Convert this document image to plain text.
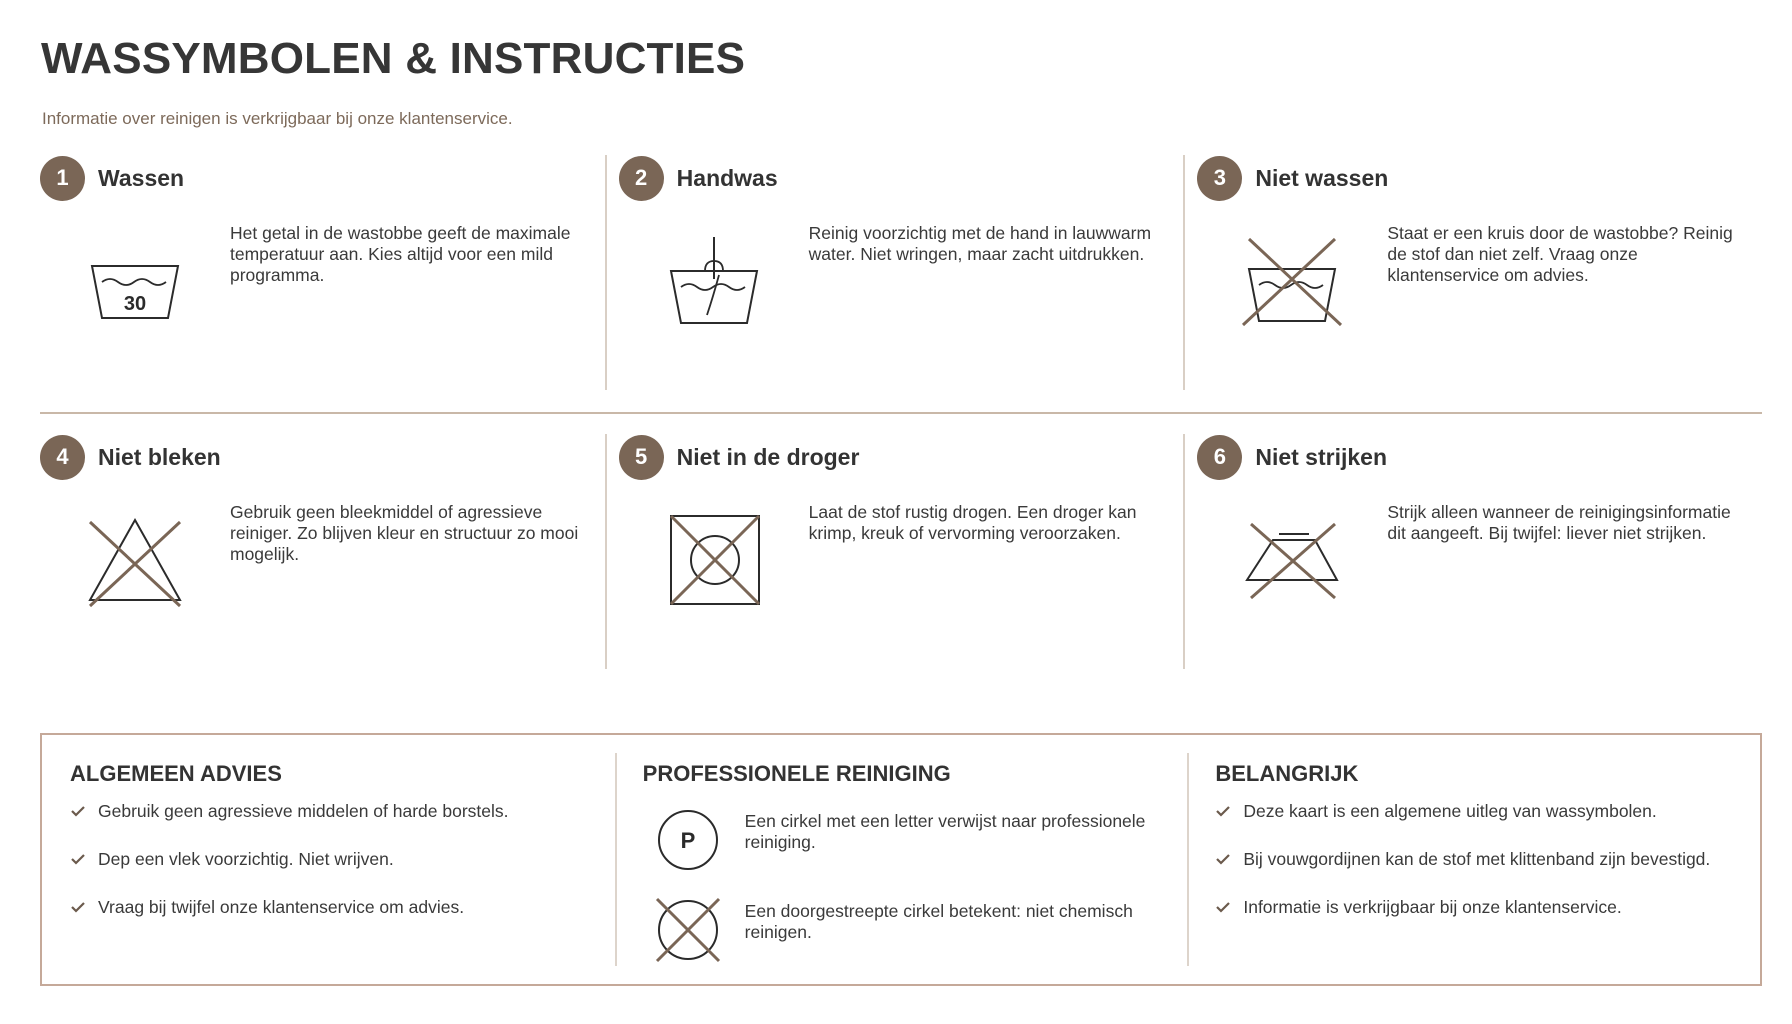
WASSYMBOLEN & INSTRUCTIES

Informatie over reinigen is verkrijgbaar bij onze klantenservice.

1	Wassen
30
Het getal in de wastobbe geeft de maximale temperatuur aan. Kies altijd voor een mild programma.
2	Handwas
Reinig voorzichtig met de hand in lauwwarm water. Niet wringen, maar zacht uitdrukken.
3	Niet wassen
Staat er een kruis door de wastobbe? Reinig de stof dan niet zelf. Vraag onze klantenservice om advies.
4	Niet bleken
Gebruik geen bleekmiddel of agressieve reiniger. Zo blijven kleur en structuur zo mooi mogelijk.
5	Niet in de droger
Laat de stof rustig drogen. Een droger kan krimp, kreuk of vervorming veroorzaken.
6	Niet strijken
Strijk alleen wanneer de reinigingsinformatie dit aangeeft. Bij twijfel: liever niet strijken.
ALGEMEEN ADVIES
Gebruik geen agressieve middelen of harde borstels.
Dep een vlek voorzichtig. Niet wrijven.
Vraag bij twijfel onze klantenservice om advies.
PROFESSIONELE REINIGING
P
Een cirkel met een letter verwijst naar professionele reiniging.
Een doorgestreepte cirkel betekent: niet chemisch reinigen.
BELANGRIJK
Deze kaart is een algemene uitleg van wassymbolen.
Bij vouwgordijnen kan de stof met klittenband zijn bevestigd.
Informatie is verkrijgbaar bij onze klantenservice.
